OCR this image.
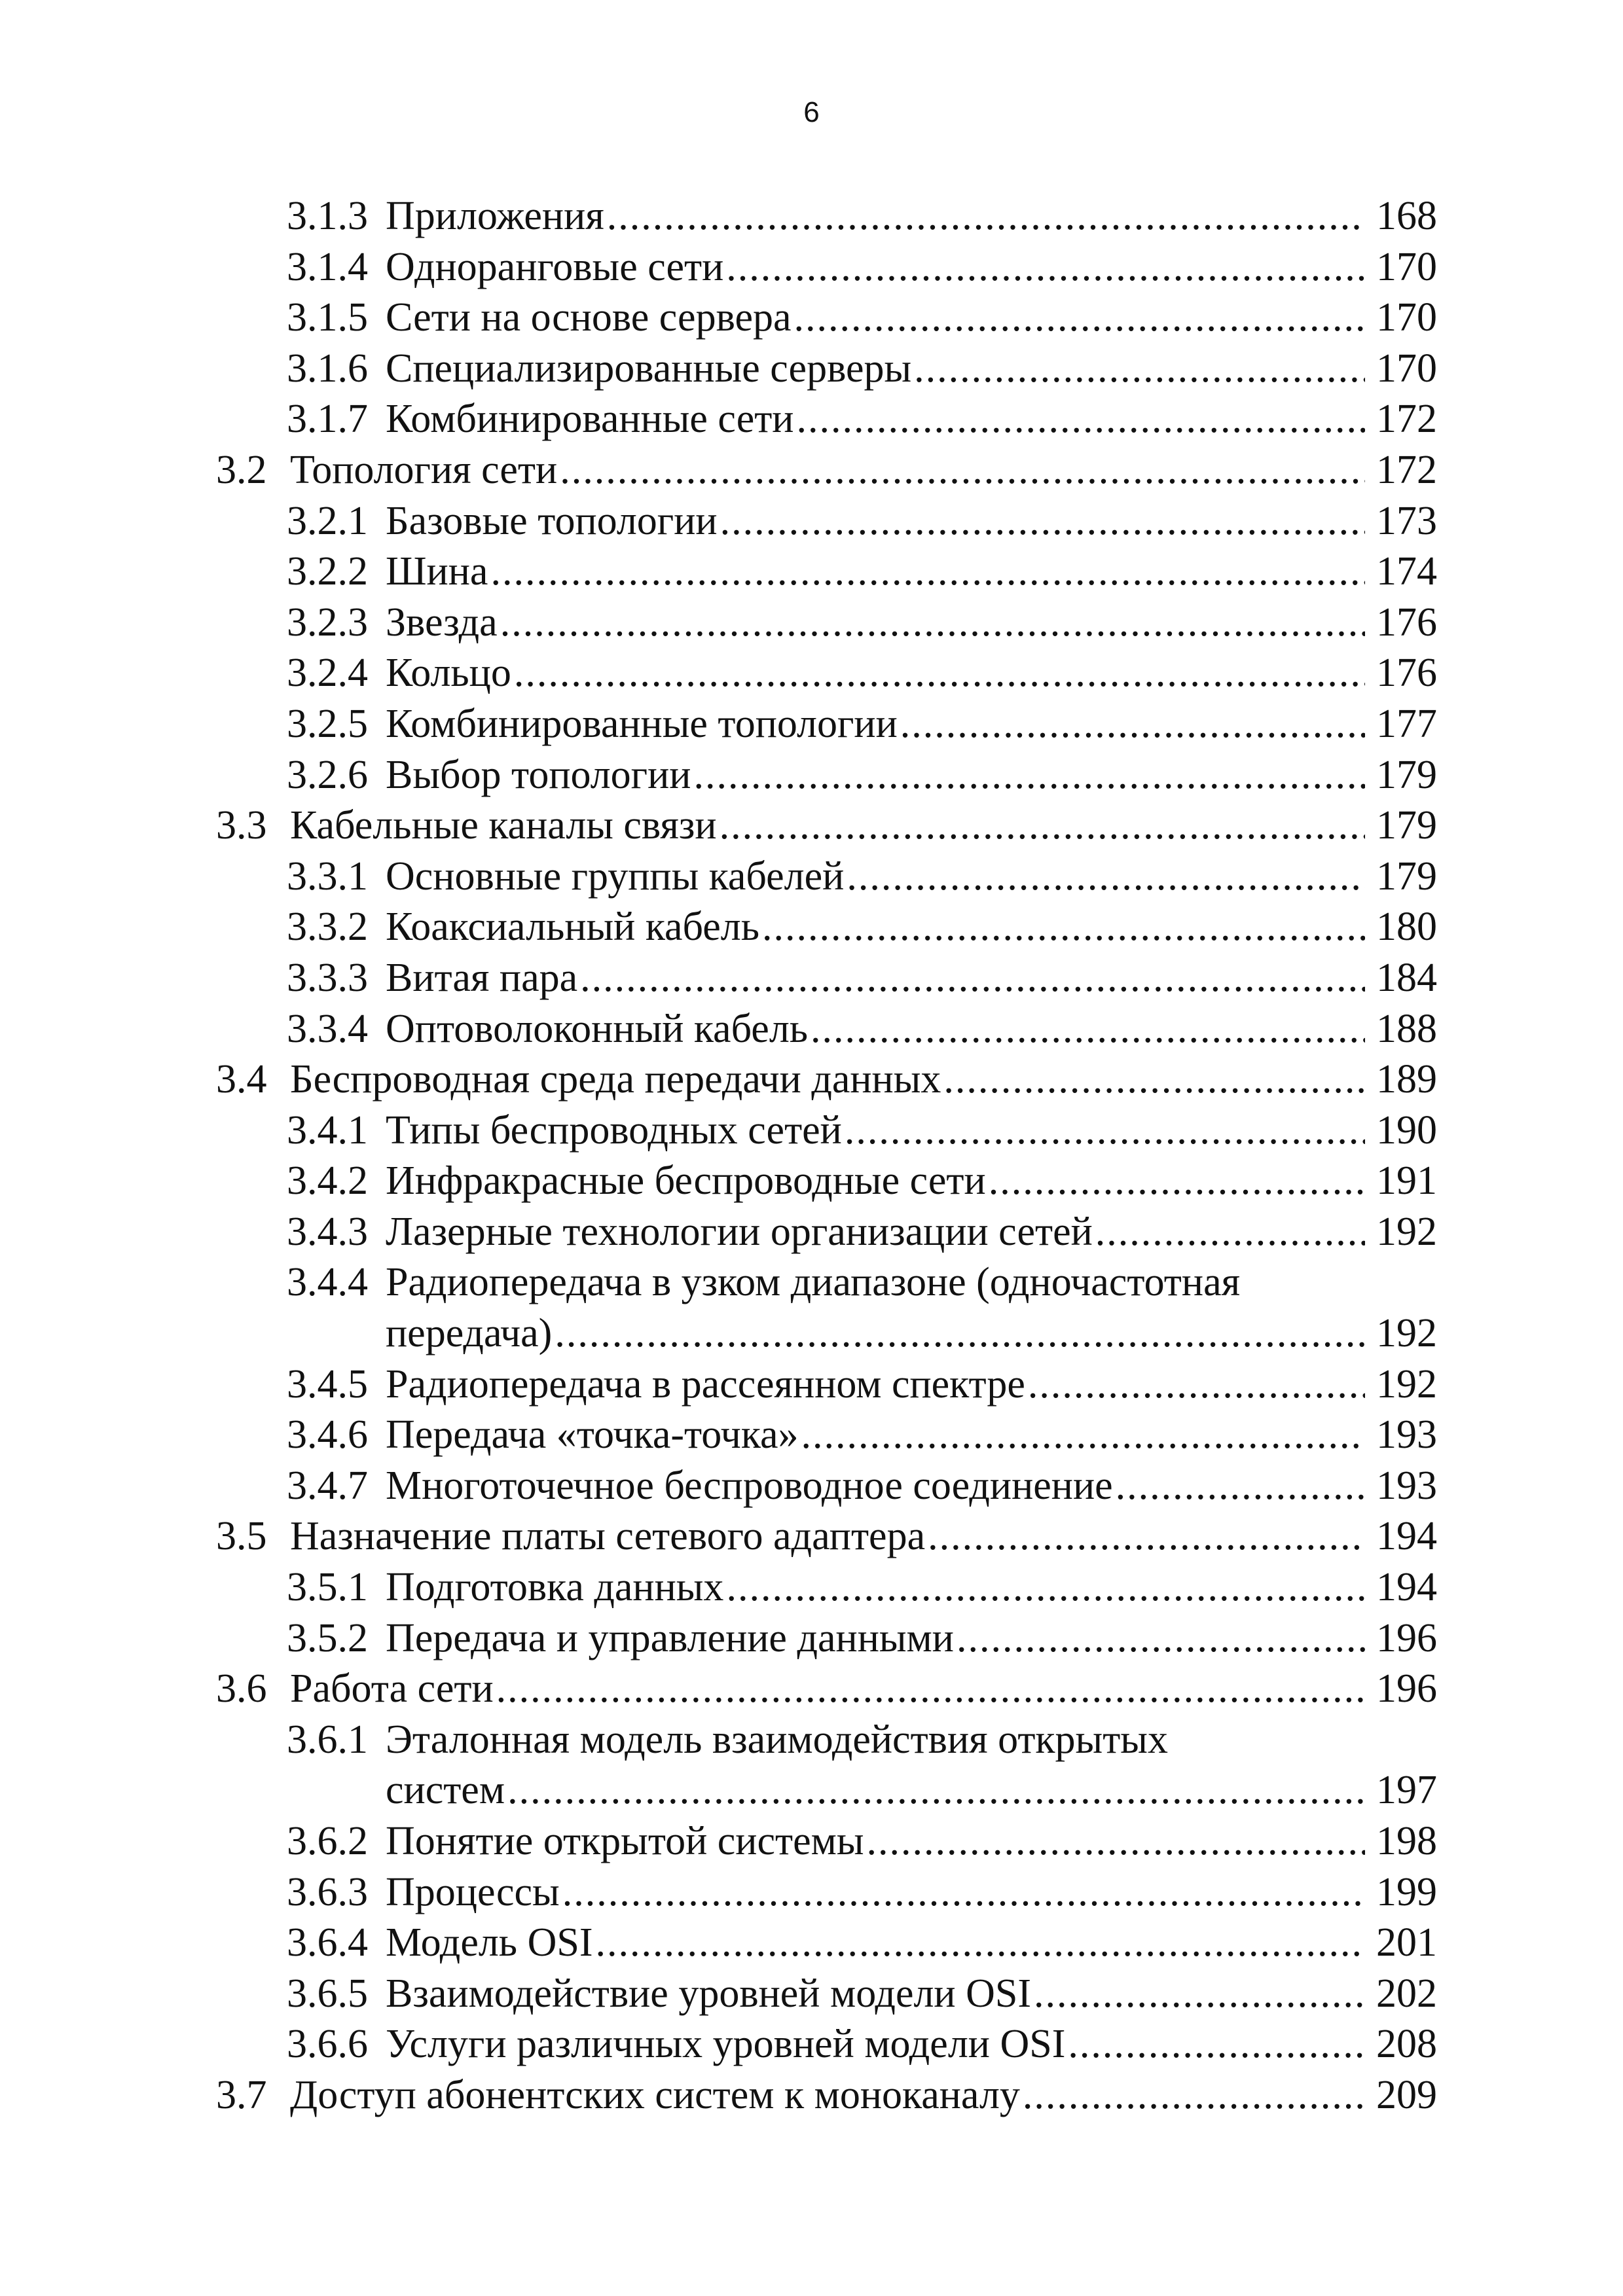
6
3.1.3 Приложения .....	168
3.1.4 Одноранговые сети .....	170
3.1.5 Сети на основе сервера .....	170
3.1.6 Специализированные серверы .....	170
3.1.7 Комбинированные сети .....	172
3.2 Топология сети .....	172
3.2.1 Базовые топологии .....	173
3.2.2 Шина .....	174
3.2.3 Звезда .....	176
3.2.4 Кольцо .....	176
3.2.5 Комбинированные топологии .....	177
3.2.6 Выбор топологии .....	179
3.3 Кабельные каналы связи .....	179
3.3.1 Основные группы кабелей .....	179
3.3.2 Коаксиальный кабель .....	180
3.3.3 Витая пара .....	184
3.3.4 Оптоволоконный кабель .....	188
3.4 Беспроводная среда передачи данных .....	189
3.4.1 Типы беспроводных сетей .....	190
3.4.2 Инфракрасные беспроводные сети .....	191
3.4.3 Лазерные технологии организации сетей .....	192
3.4.4 Радиопередача в узком диапазоне (одночастотная
передача) .....	192
3.4.5 Радиопередача в рассеянном спектре .....	192
3.4.6 Передача «точка-точка» .....	193
3.4.7 Многоточечное беспроводное соединение .....	193
3.5 Назначение платы сетевого адаптера .....	194
3.5.1 Подготовка данных .....	194
3.5.2 Передача и управление данными .....	196
3.6 Работа сети .....	196
3.6.1 Эталонная модель взаимодействия открытых
систем .....	197
3.6.2 Понятие открытой системы .....	198
3.6.3 Процессы .....	199
3.6.4 Модель OSI .....	201
3.6.5 Взаимодействие уровней модели OSI .....	202
3.6.6 Услуги различных уровней модели OSI .....	208
3.7 Доступ абонентских систем к моноканалу .....	209
